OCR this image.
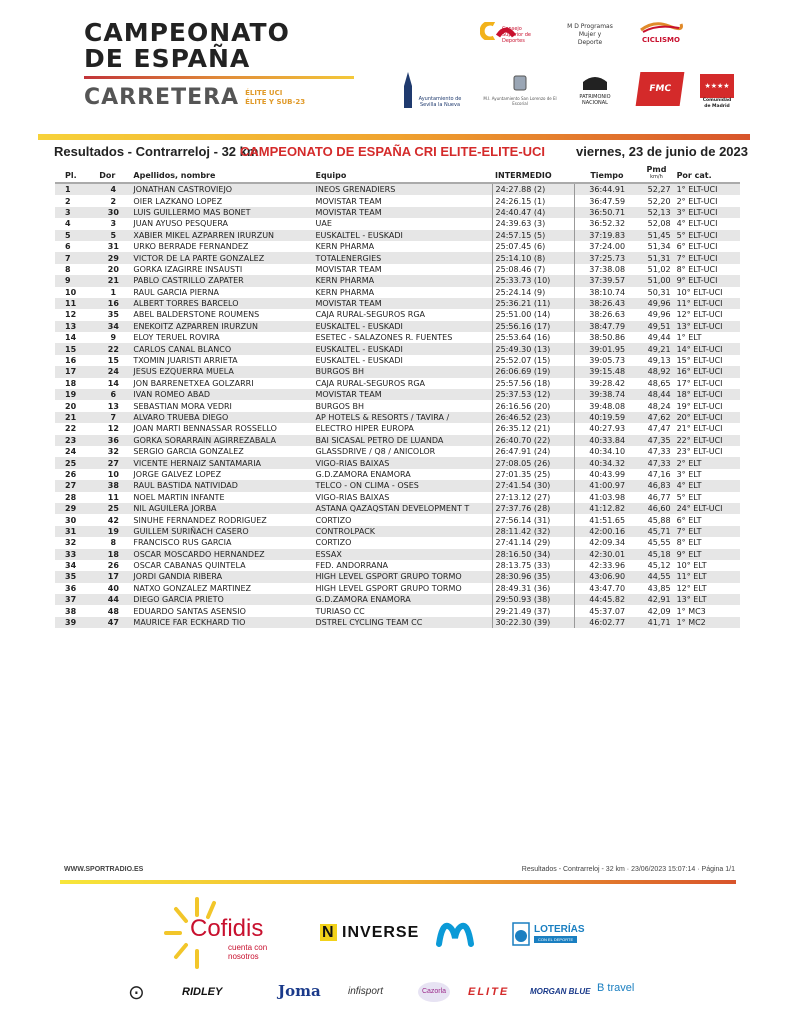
CAMPEONATO
DE ESPAÑA
CARRETERA ÉLITE UCI
ÉLITE Y SUB-23
Consejo Superior de Deportes
M D Programas Mujer y Deporte	CICLISMO
Ayuntamiento de Sevilla la Nueva
M.I. Ayuntamiento San Lorenzo de El Escorial
PATRIMONIO NACIONAL
FMC	★★★★
Comunidad de Madrid
Resultados - Contrarreloj - 32 km
CAMPEONATO DE ESPAÑA CRI ELITE-ELITE-UCI viernes, 23 de junio de 2023
Pl.	Dor	Apellidos, nombre	Equipo	INTERMEDIO	Tiempo	Pmd
km/h	Por cat.
1	4	JONATHAN CASTROVIEJO	INEOS GRENADIERS	24:27.88 (2)	36:44.91	52,27	1° ELT-UCI
2	2	OIER LAZKANO LOPEZ	MOVISTAR TEAM	24:26.15 (1)	36:47.59	52,20	2° ELT-UCI
3	30	LUIS GUILLERMO MAS BONET	MOVISTAR TEAM	24:40.47 (4)	36:50.71	52,13	3° ELT-UCI
4	3	JUAN AYUSO PESQUERA	UAE	24:39.63 (3)	36:52.32	52,08	4° ELT-UCI
5	5	XABIER MIKEL AZPARREN IRURZUN	EUSKALTEL - EUSKADI	24:57.15 (5)	37:19.83	51,45	5° ELT-UCI
6	31	URKO BERRADE FERNANDEZ	KERN PHARMA	25:07.45 (6)	37:24.00	51,34	6° ELT-UCI
7	29	VICTOR DE LA PARTE GONZALEZ	TOTALENERGIES	25:14.10 (8)	37:25.73	51,31	7° ELT-UCI
8	20	GORKA IZAGIRRE INSAUSTI	MOVISTAR TEAM	25:08.46 (7)	37:38.08	51,02	8° ELT-UCI
9	21	PABLO CASTRILLO ZAPATER	KERN PHARMA	25:33.73 (10)	37:39.57	51,00	9° ELT-UCI
10	1	RAUL GARCIA PIERNA	KERN PHARMA	25:24.14 (9)	38:10.74	50,31	10° ELT-UCI
11	16	ALBERT TORRES BARCELO	MOVISTAR TEAM	25:36.21 (11)	38:26.43	49,96	11° ELT-UCI
12	35	ABEL BALDERSTONE ROUMENS	CAJA RURAL-SEGUROS RGA	25:51.00 (14)	38:26.63	49,96	12° ELT-UCI
13	34	ENEKOITZ AZPARREN IRURZUN	EUSKALTEL - EUSKADI	25:56.16 (17)	38:47.79	49,51	13° ELT-UCI
14	9	ELOY TERUEL ROVIRA	ESETEC - SALAZONES R. FUENTES	25:53.64 (16)	38:50.86	49,44	1° ELT
15	22	CARLOS CANAL BLANCO	EUSKALTEL - EUSKADI	25:49.30 (13)	39:01.95	49,21	14° ELT-UCI
16	15	TXOMIN JUARISTI ARRIETA	EUSKALTEL - EUSKADI	25:52.07 (15)	39:05.73	49,13	15° ELT-UCI
17	24	JESUS EZQUERRA MUELA	BURGOS BH	26:06.69 (19)	39:15.48	48,92	16° ELT-UCI
18	14	JON BARRENETXEA GOLZARRI	CAJA RURAL-SEGUROS RGA	25:57.56 (18)	39:28.42	48,65	17° ELT-UCI
19	6	IVAN ROMEO ABAD	MOVISTAR TEAM	25:37.53 (12)	39:38.74	48,44	18° ELT-UCI
20	13	SEBASTIAN MORA VEDRI	BURGOS BH	26:16.56 (20)	39:48.08	48,24	19° ELT-UCI
21	7	ALVARO TRUEBA DIEGO	AP HOTELS & RESORTS / TAVIRA /	26:46.52 (23)	40:19.59	47,62	20° ELT-UCI
22	12	JOAN MARTI BENNASSAR ROSSELLO	ELECTRO HIPER EUROPA	26:35.12 (21)	40:27.93	47,47	21° ELT-UCI
23	36	GORKA SORARRAIN AGIRREZABALA	BAI SICASAL PETRO DE LUANDA	26:40.70 (22)	40:33.84	47,35	22° ELT-UCI
24	32	SERGIO GARCIA GONZALEZ	GLASSDRIVE / Q8 / ANICOLOR	26:47.91 (24)	40:34.10	47,33	23° ELT-UCI
25	27	VICENTE HERNAIZ SANTAMARIA	VIGO-RIAS BAIXAS	27:08.05 (26)	40:34.32	47,33	2° ELT
26	10	JORGE GALVEZ LOPEZ	G.D.ZAMORA ENAMORA	27:01.35 (25)	40:43.99	47,16	3° ELT
27	38	RAUL BASTIDA NATIVIDAD	TELCO - ON CLIMA - OSES	27:41.54 (30)	41:00.97	46,83	4° ELT
28	11	NOEL MARTIN INFANTE	VIGO-RIAS BAIXAS	27:13.12 (27)	41:03.98	46,77	5° ELT
29	25	NIL AGUILERA JORBA	ASTANA QAZAQSTAN DEVELOPMENT T	27:37.76 (28)	41:12.82	46,60	24° ELT-UCI
30	42	SINUHE FERNANDEZ RODRIGUEZ	CORTIZO	27:56.14 (31)	41:51.65	45,88	6° ELT
31	19	GUILLEM SURIÑACH CASERO	CONTROLPACK	28:11.42 (32)	42:00.16	45,71	7° ELT
32	8	FRANCISCO RUS GARCIA	CORTIZO	27:41.14 (29)	42:09.34	45,55	8° ELT
33	18	OSCAR MOSCARDO HERNANDEZ	ESSAX	28:16.50 (34)	42:30.01	45,18	9° ELT
34	26	OSCAR CABANAS QUINTELA	FED. ANDORRANA	28:13.75 (33)	42:33.96	45,12	10° ELT
35	17	JORDI GANDIA RIBERA	HIGH LEVEL GSPORT GRUPO TORMO	28:30.96 (35)	43:06.90	44,55	11° ELT
36	40	NATXO GONZALEZ MARTINEZ	HIGH LEVEL GSPORT GRUPO TORMO	28:49.31 (36)	43:47.70	43,85	12° ELT
37	44	DIEGO GARCIA PRIETO	G.D.ZAMORA ENAMORA	29:50.93 (38)	44:45.82	42,91	13° ELT
38	48	EDUARDO SANTAS ASENSIO	TURIASO CC	29:21.49 (37)	45:37.07	42,09	1° MC3
39	47	MAURICE FAR ECKHARD TIO	DSTREL CYCLING TEAM CC	30:22.30 (39)	46:02.77	41,71	1° MC2
WWW.SPORTRADIO.ES	Resultados - Contrarreloj - 32 km · 23/06/2023 15:07:14 · Página 1/1
Cofidis
cuenta con nosotros
N INVERSE	LOTERÍAS
CON EL DEPORTE
⊙	RIDLEY	Joma	infisport	Cazorla	ELITE	MORGAN BLUE B travel
